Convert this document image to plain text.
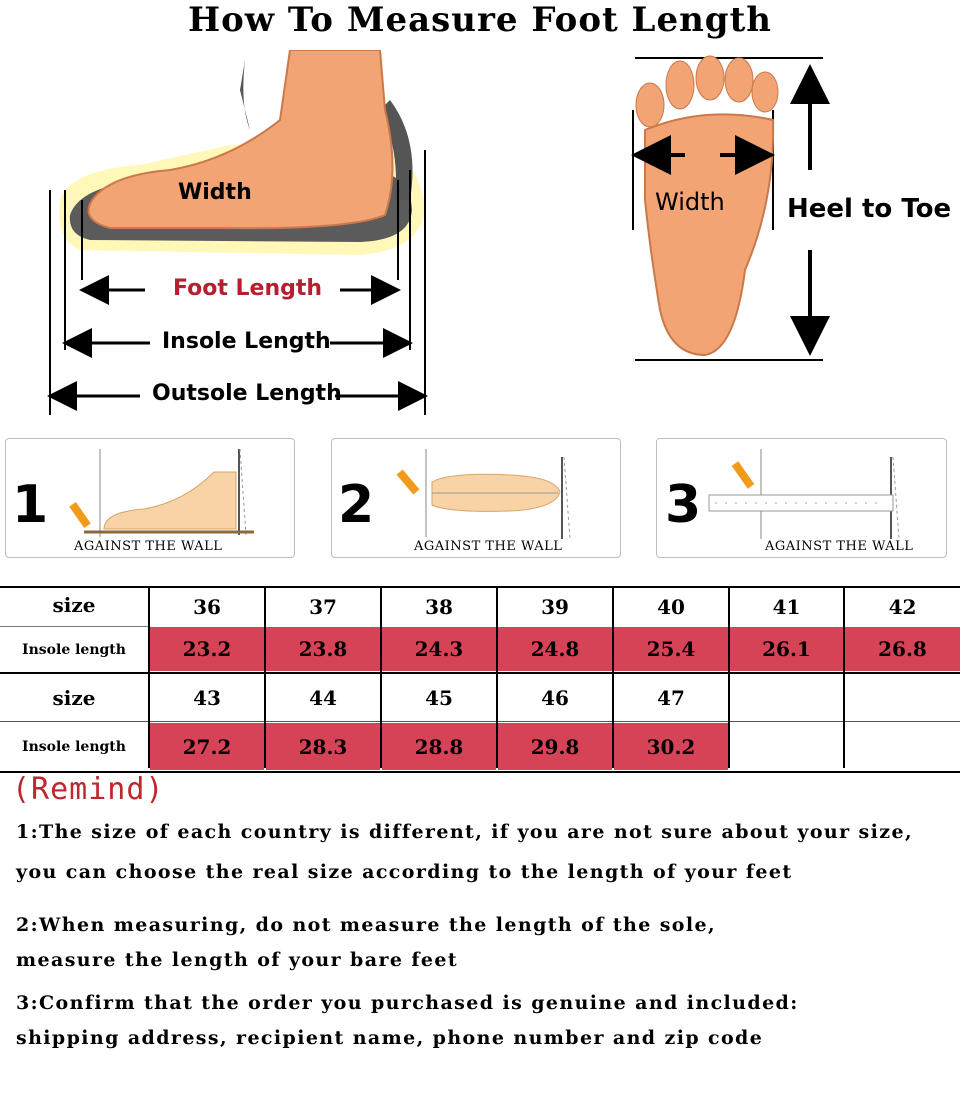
How To Measure Foot Length
Width
Foot Length
Insole Length
Outsole Length
Width Heel to Toe
1
AGAINST THE WALL
2
AGAINST THE WALL
3
AGAINST THE WALL
size
Insole length
36
23.2
37
23.8
38
24.3
39
24.8
40
25.4
41
26.1
42
26.8
size
Insole length
43
27.2
44
28.3
45
28.8
46
29.8
47
30.2
(Remind)
1:The size of each country is different, if you are not sure about your size,
you can choose the real size according to the length of your feet
2:When measuring, do not measure the length of the sole,
measure the length of your bare feet
3:Confirm that the order you purchased is genuine and included:
shipping address, recipient name, phone number and zip code
